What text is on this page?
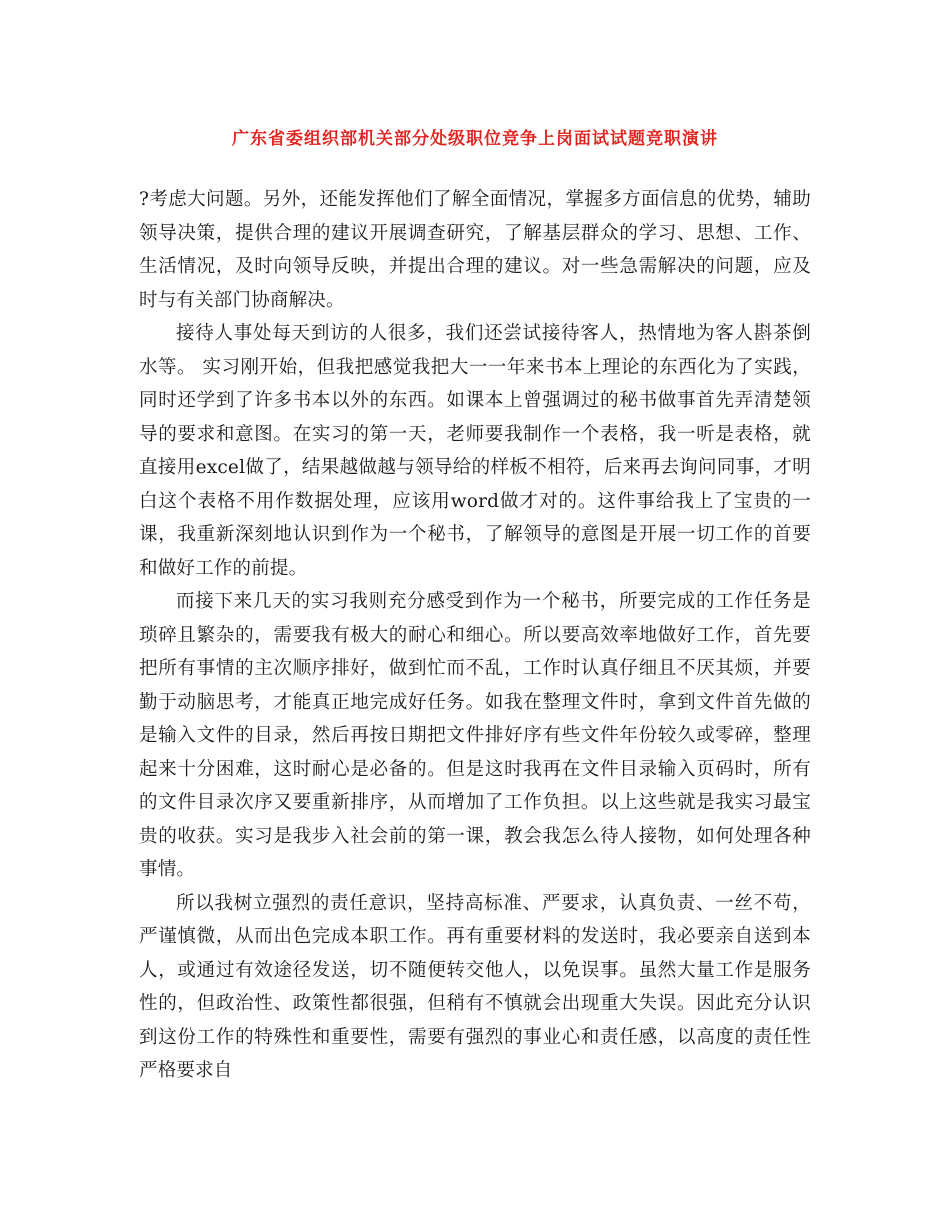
广东省委组织部机关部分处级职位竞争上岗面试试题竞职演讲

?考虑大问题。另外，还能发挥他们了解全面情况，掌握多方面信息的优势，辅助领导决策，提供合理的建议开展调查研究，了解基层群众的学习、思想、工作、生活情况，及时向领导反映，并提出合理的建议。对一些急需解决的问题，应及时与有关部门协商解决。

接待人事处每天到访的人很多，我们还尝试接待客人，热情地为客人斟茶倒水等。 实习刚开始，但我把感觉我把大一一年来书本上理论的东西化为了实践，同时还学到了许多书本以外的东西。如课本上曾强调过的秘书做事首先弄清楚领导的要求和意图。在实习的第一天，老师要我制作一个表格，我一听是表格，就直接用excel做了，结果越做越与领导给的样板不相符，后来再去询问同事，才明白这个表格不用作数据处理，应该用word做才对的。这件事给我上了宝贵的一课，我重新深刻地认识到作为一个秘书，了解领导的意图是开展一切工作的首要和做好工作的前提。

而接下来几天的实习我则充分感受到作为一个秘书，所要完成的工作任务是琐碎且繁杂的，需要我有极大的耐心和细心。所以要高效率地做好工作，首先要把所有事情的主次顺序排好，做到忙而不乱，工作时认真仔细且不厌其烦，并要勤于动脑思考，才能真正地完成好任务。如我在整理文件时，拿到文件首先做的是输入文件的目录，然后再按日期把文件排好序有些文件年份较久或零碎，整理起来十分困难，这时耐心是必备的。但是这时我再在文件目录输入页码时，所有的文件目录次序又要重新排序，从而增加了工作负担。以上这些就是我实习最宝贵的收获。实习是我步入社会前的第一课，教会我怎么待人接物，如何处理各种事情。

所以我树立强烈的责任意识，坚持高标准、严要求，认真负责、一丝不苟，严谨慎微，从而出色完成本职工作。再有重要材料的发送时，我必要亲自送到本人，或通过有效途径发送，切不随便转交他人，以免误事。虽然大量工作是服务性的，但政治性、政策性都很强，但稍有不慎就会出现重大失误。因此充分认识到这份工作的特殊性和重要性，需要有强烈的事业心和责任感，以高度的责任性严格要求自
